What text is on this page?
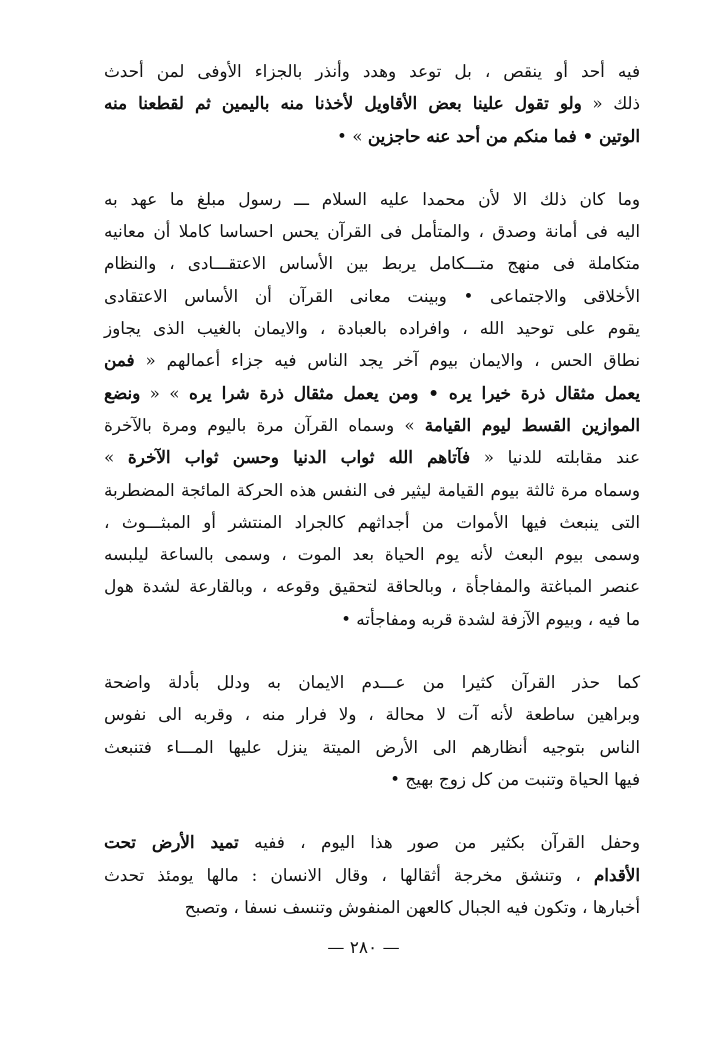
فيه أحد أو ينقص ، بل توعد وهدد وأنذر بالجزاء الأوفى لمن أحدث
ذلك « ولو تقول علينا بعض الأقاويل لأخذنا منه باليمين ثم لقطعنا منه
الوتين • فما منكم من أحد عنه حاجزين » •
وما كان ذلك الا لأن محمدا عليه السلام ـــ رسول مبلغ ما عهد به
اليه فى أمانة وصدق ، والمتأمل فى القرآن يحس احساسا كاملا أن معانيه
متكاملة فى منهج متـــكامل يربط بين الأساس الاعتقـــادى ، والنظام
الأخلاقى والاجتماعى • وبينت معانى القرآن أن الأساس الاعتقادى
يقوم على توحيد الله ، وافراده بالعبادة ، والايمان بالغيب الذى يجاوز
نطاق الحس ، والايمان بيوم آخر يجد الناس فيه جزاء أعمالهم « فمن
يعمل مثقال ذرة خيرا يره • ومن يعمل مثقال ذرة شرا يره » « ونضع
الموازين القسط ليوم القيامة » وسماه القرآن مرة باليوم ومرة بالآخرة
عند مقابلته للدنيا « فآتاهم الله ثواب الدنيا وحسن ثواب الآخرة »
وسماه مرة ثالثة بيوم القيامة ليثير فى النفس هذه الحركة المائجة المضطربة
التى ينبعث فيها الأموات من أجداثهم كالجراد المنتشر أو المبثـــوث ،
وسمى بيوم البعث لأنه يوم الحياة بعد الموت ، وسمى بالساعة ليلبسه
عنصر المباغتة والمفاجأة ، وبالحاقة لتحقيق وقوعه ، وبالقارعة لشدة هول
ما فيه ، وبيوم الآزفة لشدة قربه ومفاجأته •
كما حذر القرآن كثيرا من عـــدم الايمان به ودلل بأدلة واضحة
وبراهين ساطعة لأنه آت لا محالة ، ولا فرار منه ، وقربه الى نفوس
الناس بتوجيه أنظارهم الى الأرض الميتة ينزل عليها المـــاء فتنبعث
فيها الحياة وتنبت من كل زوج بهيج •
وحفل القرآن بكثير من صور هذا اليوم ، ففيه تميد الأرض تحت
الأقدام ، وتنشق مخرجة أثقالها ، وقال الانسان : مالها يومئذ تحدث
أخبارها ، وتكون فيه الجبال كالعهن المنفوش وتنسف نسفا ، وتصبح
— ٢٨٠ —
